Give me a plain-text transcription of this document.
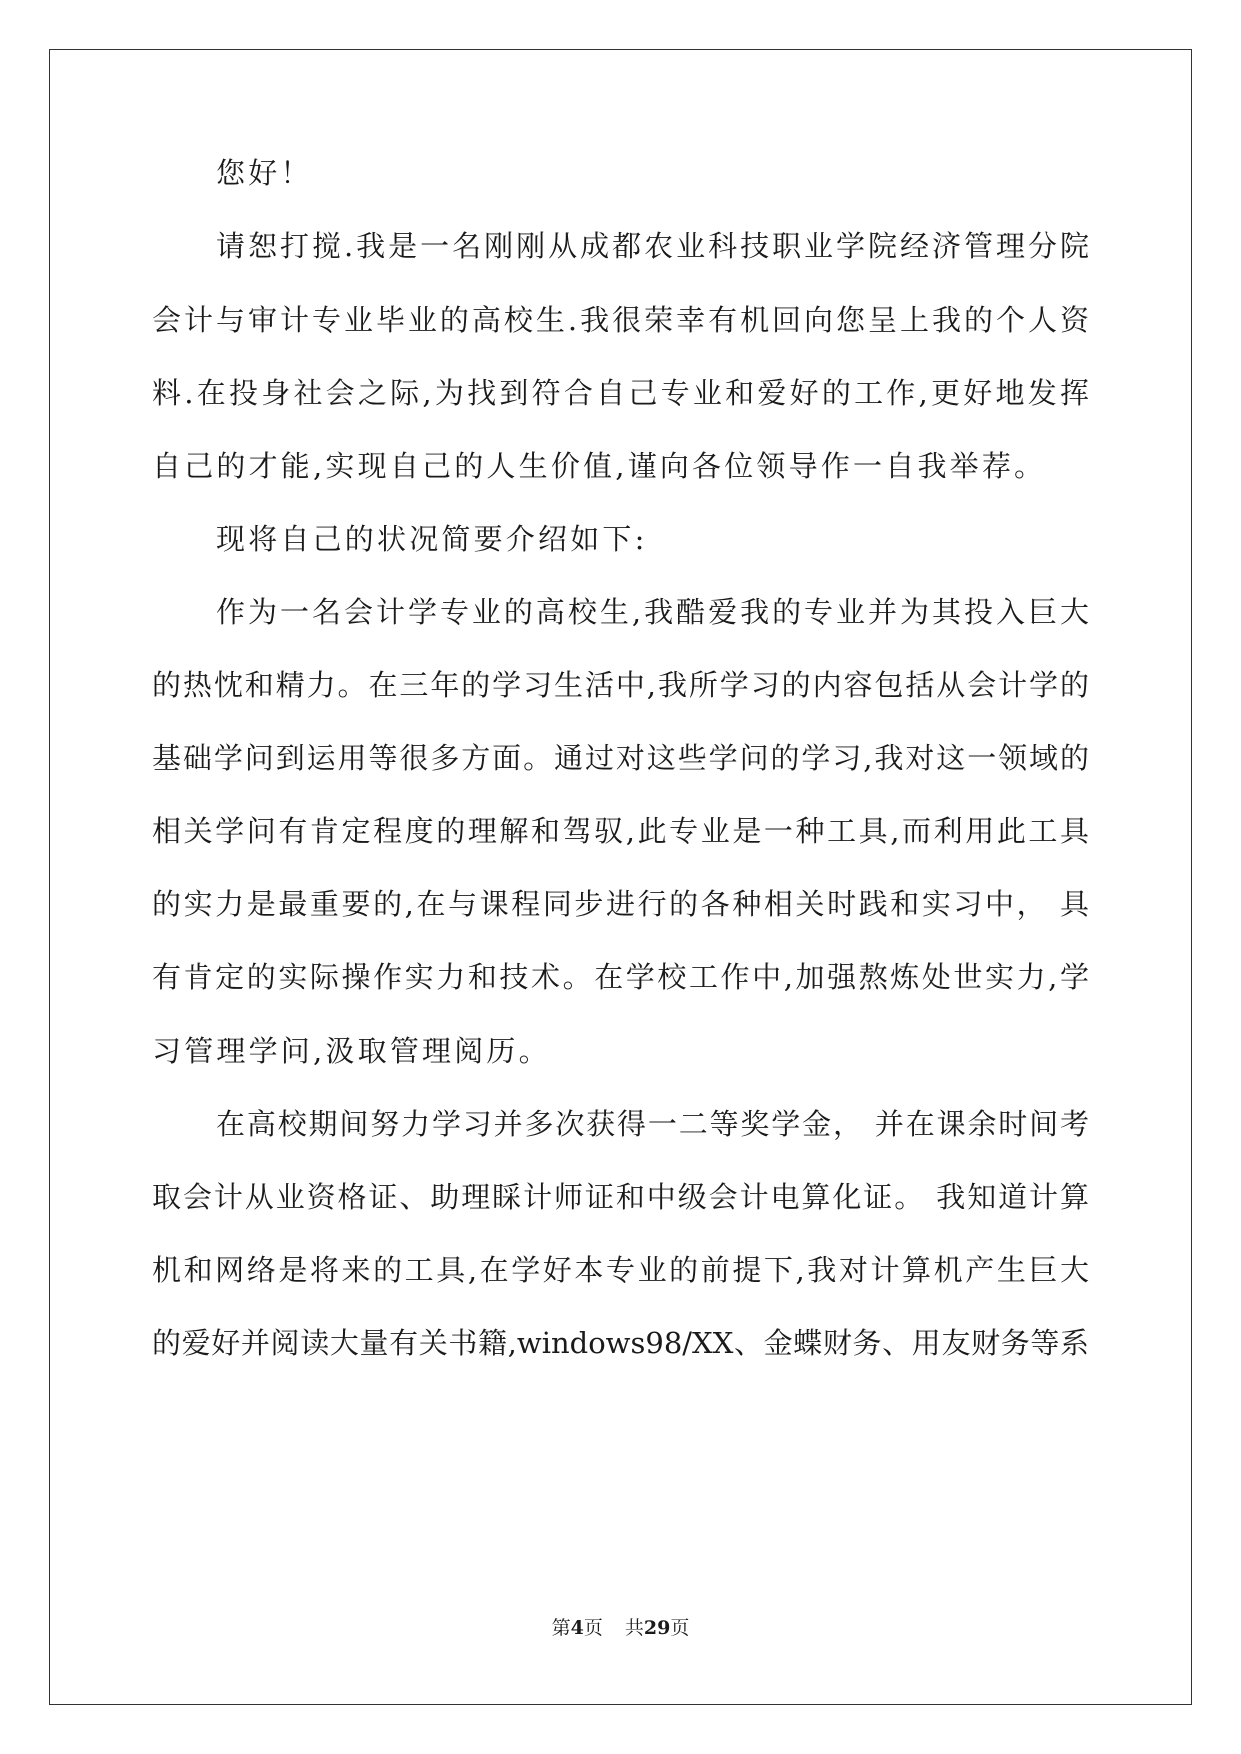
您好！
请恕打搅.我是一名刚刚从成都农业科技职业学院经济管理分院
会计与审计专业毕业的高校生.我很荣幸有机回向您呈上我的个人资
料.在投身社会之际,为找到符合自己专业和爱好的工作,更好地发挥
自己的才能,实现自己的人生价值,谨向各位领导作一自我举荐。
现将自己的状况简要介绍如下:
作为一名会计学专业的高校生,我酷爱我的专业并为其投入巨大
的热忱和精力。在三年的学习生活中,我所学习的内容包括从会计学的
基础学问到运用等很多方面。通过对这些学问的学习,我对这一领域的
相关学问有肯定程度的理解和驾驭,此专业是一种工具,而利用此工具
的实力是最重要的,在与课程同步进行的各种相关时践和实习中， 具
有肯定的实际操作实力和技术。在学校工作中,加强熬炼处世实力,学
习管理学问,汲取管理阅历。
在高校期间努力学习并多次获得一二等奖学金， 并在课余时间考
取会计从业资格证、助理睬计师证和中级会计电算化证。 我知道计算
机和网络是将来的工具,在学好本专业的前提下,我对计算机产生巨大
的爱好并阅读大量有关书籍,windows98/XX、金蝶财务、用友财务等系
第4页 共29页
